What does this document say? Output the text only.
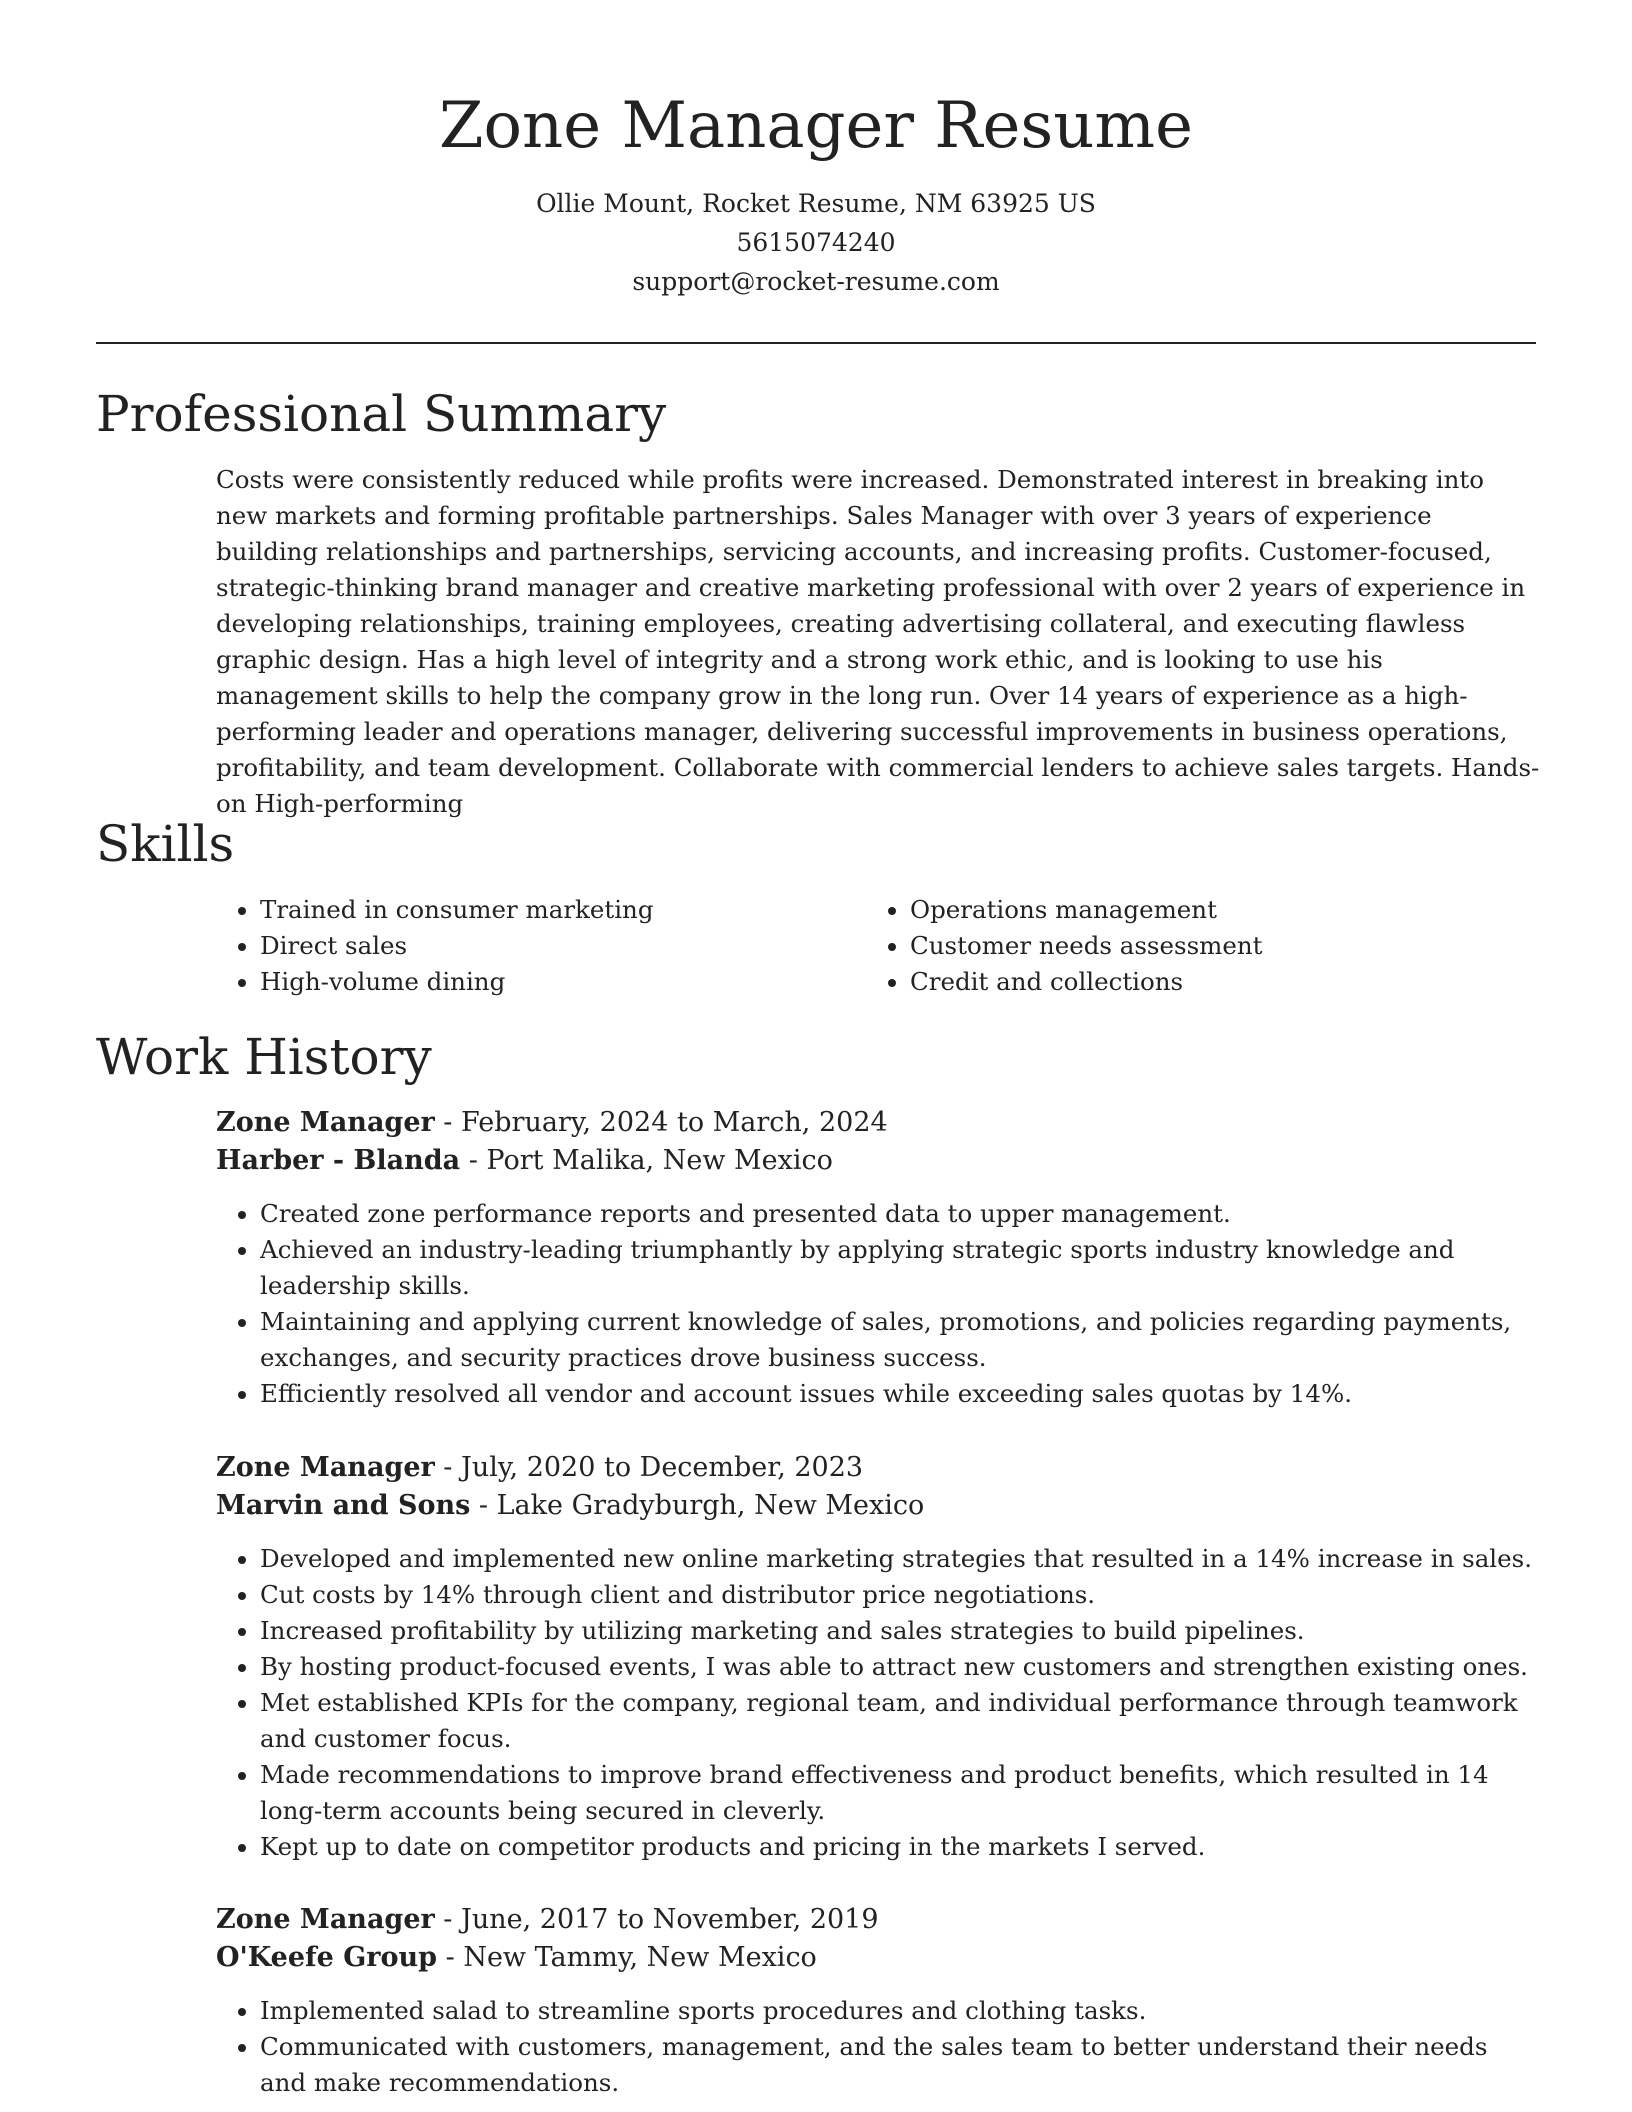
Zone Manager Resume

Ollie Mount, Rocket Resume, NM 63925 US

5615074240

support@rocket-resume.com

Professional Summary

Costs were consistently reduced while profits were increased. Demonstrated interest in breaking into new markets and forming profitable partnerships. Sales Manager with over 3 years of experience building relationships and partnerships, servicing accounts, and increasing profits. Customer-focused, strategic-thinking brand manager and creative marketing professional with over 2 years of experience in developing relationships, training employees, creating advertising collateral, and executing flawless graphic design. Has a high level of integrity and a strong work ethic, and is looking to use his management skills to help the company grow in the long run. Over 14 years of experience as a high-performing leader and operations manager, delivering successful improvements in business operations, profitability, and team development. Collaborate with commercial lenders to achieve sales targets. Hands-on High-performing

Skills
• Trained in consumer marketing
• Direct sales
• High-volume dining
• Operations management
• Customer needs assessment
• Credit and collections
Work History

Zone Manager - February, 2024 to March, 2024

Harber - Blanda - Port Malika, New Mexico

• Created zone performance reports and presented data to upper management.
• Achieved an industry-leading triumphantly by applying strategic sports industry knowledge and leadership skills.
• Maintaining and applying current knowledge of sales, promotions, and policies regarding payments, exchanges, and security practices drove business success.
• Efficiently resolved all vendor and account issues while exceeding sales quotas by 14%.

Zone Manager - July, 2020 to December, 2023

Marvin and Sons - Lake Gradyburgh, New Mexico

• Developed and implemented new online marketing strategies that resulted in a 14% increase in sales.
• Cut costs by 14% through client and distributor price negotiations.
• Increased profitability by utilizing marketing and sales strategies to build pipelines.
• By hosting product-focused events, I was able to attract new customers and strengthen existing ones.
• Met established KPIs for the company, regional team, and individual performance through teamwork and customer focus.
• Made recommendations to improve brand effectiveness and product benefits, which resulted in 14 long-term accounts being secured in cleverly.
• Kept up to date on competitor products and pricing in the markets I served.

Zone Manager - June, 2017 to November, 2019

O'Keefe Group - New Tammy, New Mexico

• Implemented salad to streamline sports procedures and clothing tasks.
• Communicated with customers, management, and the sales team to better understand their needs and make recommendations.
